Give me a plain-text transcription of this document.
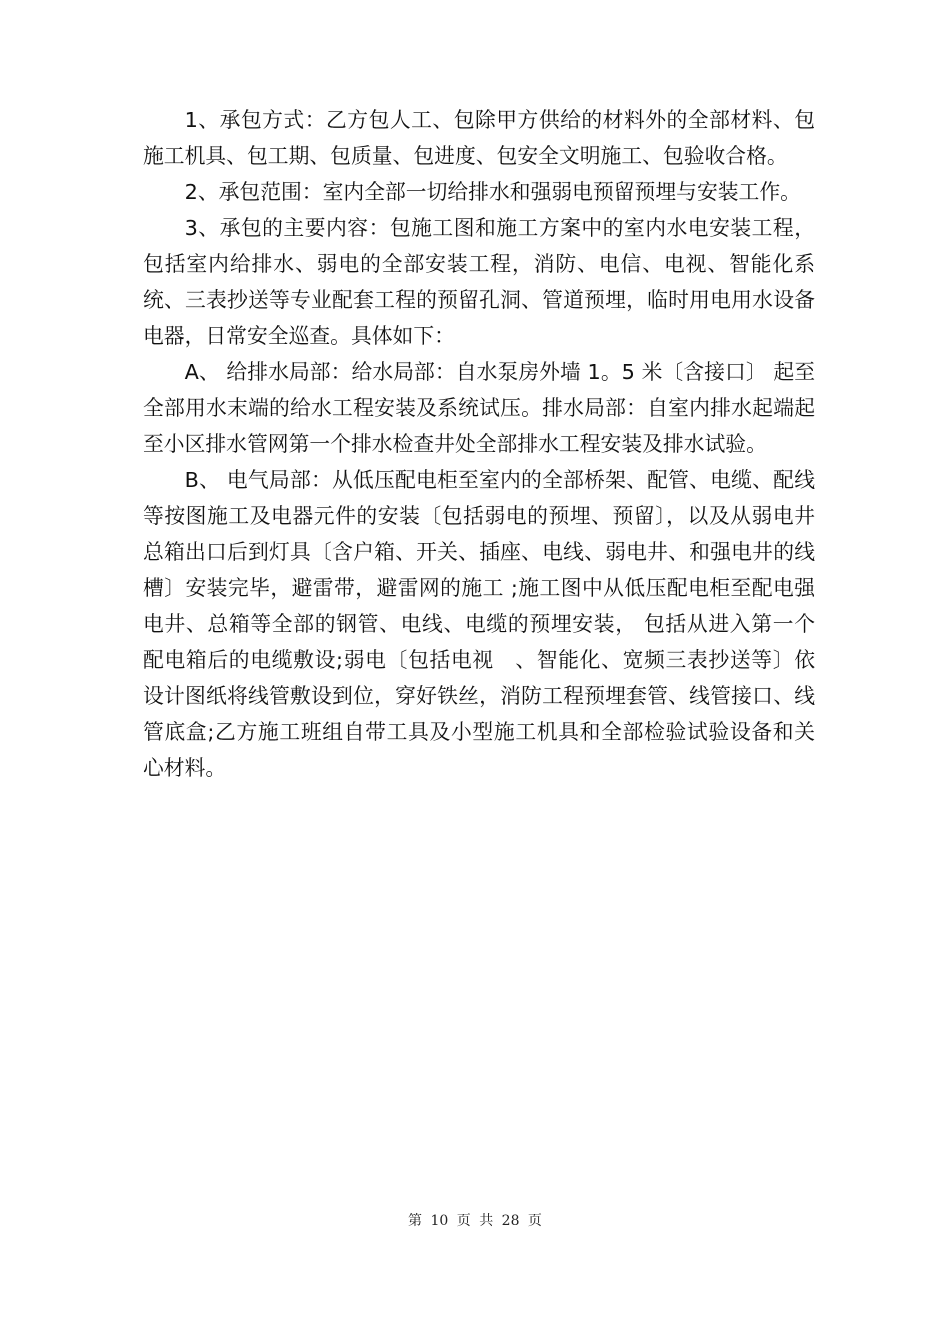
1、承包方式：乙方包人工、包除甲方供给的材料外的全部材料、包施工机具、包工期、包质量、包进度、包安全文明施工、包验收合格。

2、承包范围：室内全部一切给排水和强弱电预留预埋与安装工作。

3、承包的主要内容：包施工图和施工方案中的室内水电安装工程，包括室内给排水、弱电的全部安装工程，消防、电信、电视、智能化系统、三表抄送等专业配套工程的预留孔洞、管道预埋，临时用电用水设备电器，日常安全巡查。具体如下：

A、 给排水局部：给水局部：自水泵房外墙 1。5 米〔含接口〕 起至全部用水末端的给水工程安装及系统试压。排水局部：自室内排水起端起至小区排水管网第一个排水检查井处全部排水工程安装及排水试验。

B、 电气局部：从低压配电柜至室内的全部桥架、配管、电缆、配线等按图施工及电器元件的安装〔包括弱电的预埋、预留〕，以及从弱电井总箱出口后到灯具〔含户箱、开关、插座、电线、弱电井、和强电井的线槽〕安装完毕，避雷带，避雷网的施工 ;施工图中从低压配电柜至配电强电井、总箱等全部的钢管、电线、电缆的预埋安装， 包括从进入第一个配电箱后的电缆敷设;弱电〔包括电视　、智能化、宽频三表抄送等〕依设计图纸将线管敷设到位，穿好铁丝，消防工程预埋套管、线管接口、线管底盒;乙方施工班组自带工具及小型施工机具和全部检验试验设备和关心材料。

第 10 页 共 28 页
